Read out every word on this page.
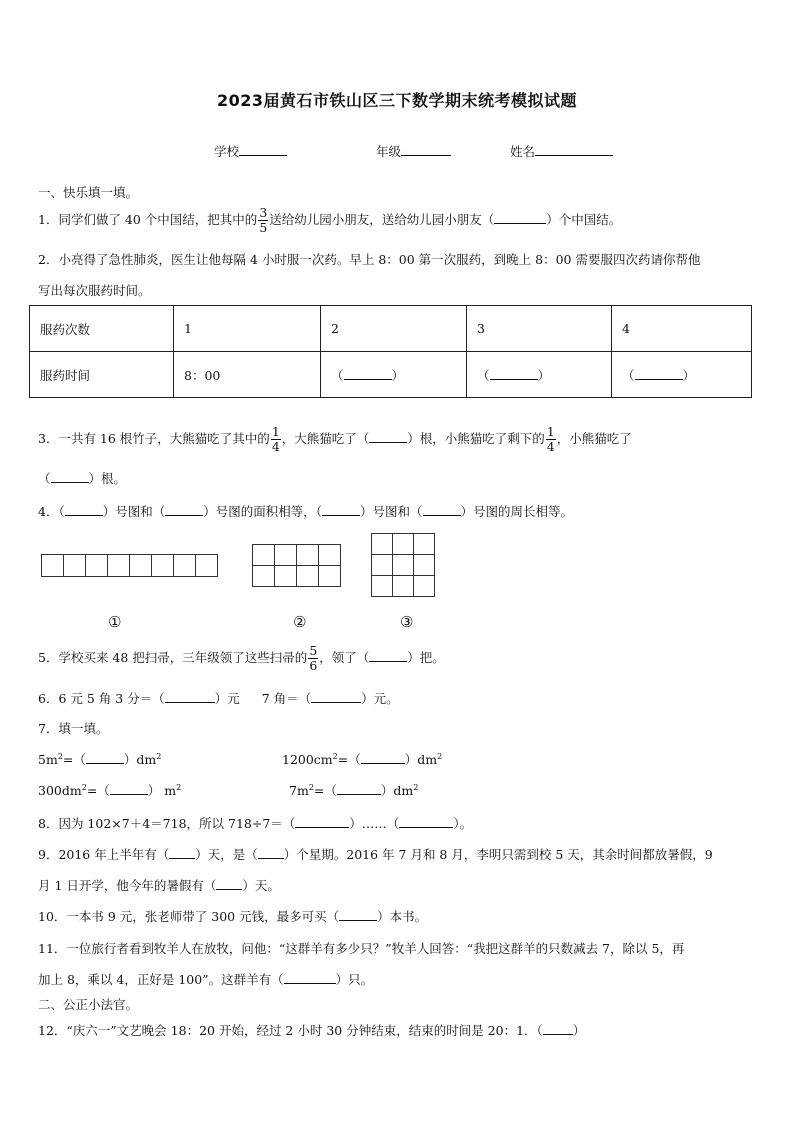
2023届黄石市铁山区三下数学期末统考模拟试题
学校	年级	姓名
一、快乐填一填。
1．同学们做了 40 个中国结，把其中的 $\frac{3}{5}$ 送给幼儿园小朋友，送给幼儿园小朋友（	）个中国结。
2．小亮得了急性肺炎，医生让他每隔 4 小时服一次药。早上 8：00 第一次服药，到晚上 8：00 需要服四次药请你帮他
写出每次服药时间。
服药次数	1	2	3	4
服药时间	8：00	（ ）	（ ）	（ ）
3．一共有 16 根竹子，大熊猫吃了其中的 $\frac{1}{4}$ ，大熊猫吃了（	）根，小熊猫吃了剩下的 $\frac{1}{4}$ ，小熊猫吃了
（	）根。
4．（	）号图和（	）号图的面积相等，（	）号图和（	）号图的周长相等。

①	②	③
5．学校买来 48 把扫帚，三年级领了这些扫帚的 $\frac{5}{6}$ ，领了（	）把。
6．6 元 5 角 3 分＝（	）元 7 角＝（	）元。
7．填一填。
$5m^2=$（	）$dm^2$	$1200cm^2=$（	）$dm^2$
$300dm^2=$（	） $m^2$	$7m^2=$（	）$dm^2$
8．因为 102×7＋4＝718，所以 718÷7＝（	）……（	）。
9．2016 年上半年有（ ）天，是（ ）个星期。2016 年 7 月和 8 月，李明只需到校 5 天，其余时间都放暑假，9
月 1 日开学，他今年的暑假有（ ）天。
10．一本书 9 元，张老师带了 300 元钱，最多可买（	）本书。
11．一位旅行者看到牧羊人在放牧，问他：“这群羊有多少只？”牧羊人回答：“我把这群羊的只数减去 7，除以 5，再
加上 8，乘以 4，正好是 100”。这群羊有（	）只。
二、公正小法官。
12．“庆六一”文艺晚会 18：20 开始，经过 2 小时 30 分钟结束，结束的时间是 20：1．（ ）
